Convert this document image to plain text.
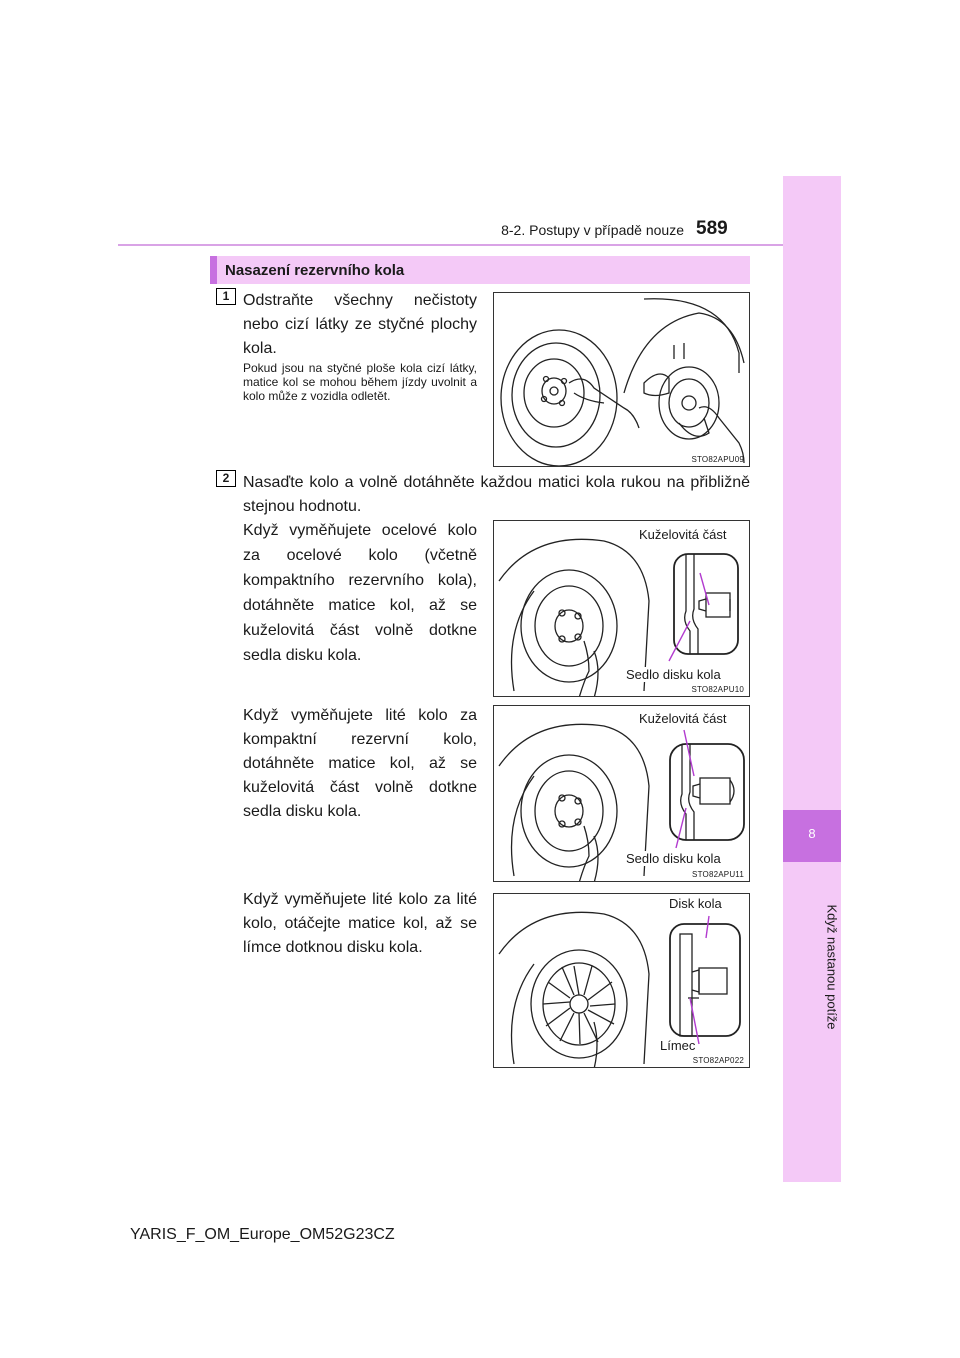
8-2. Postupy v případě nouze 589
8
Když nastanou potíže
Nasazení rezervního kola
1 Odstraňte všechny nečistoty nebo cizí látky ze styčné plochy kola.
Pokud jsou na styčné ploše kola cizí látky, matice kol se mohou během jízdy uvolnit a kolo může z vozidla odletět.
STO82APU09
2 Nasaďte kolo a volně dotáhněte každou matici kola rukou na přibližně stejnou hodnotu.
Když vyměňujete ocelové kolo za ocelové kolo (včetně kompaktního rezervního kola), dotáhněte matice kol, až se kuželovitá část volně dotkne sedla disku kola.
Kuželovitá část
Sedlo disku kola
STO82APU10
Když vyměňujete lité kolo za kompaktní rezervní kolo, dotáhněte matice kol, až se kuželovitá část volně dotkne sedla disku kola.
Kuželovitá část
Sedlo disku kola
STO82APU11
Když vyměňujete lité kolo za lité kolo, otáčejte matice kol, až se límce dotknou disku kola.
Disk kola
Límec
STO82AP022
YARIS_F_OM_Europe_OM52G23CZ
